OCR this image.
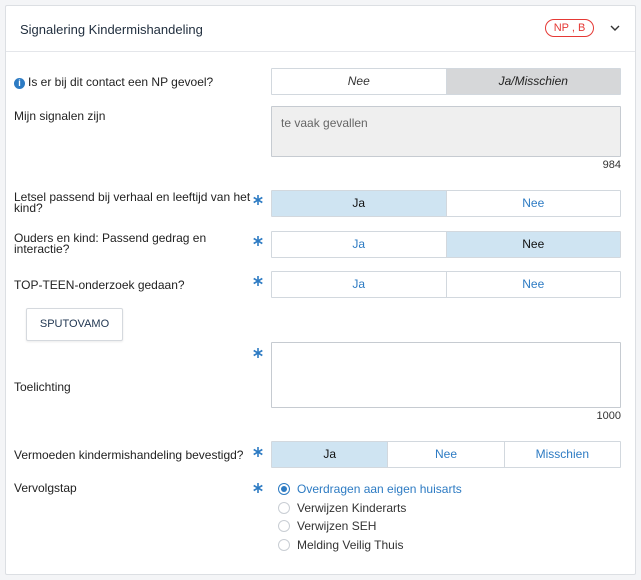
Signalering Kindermishandeling	NP , B
i Is er bij dit contact een NP gevoel?	Nee	Ja/Misschien
Mijn signalen zijn	te vaak gevallen
984
Letsel passend bij verhaal en leeftijd van het kind?	Ja	Nee
Ouders en kind: Passend gedrag en interactie?	Ja	Nee
TOP-TEEN-onderzoek gedaan?	Ja	Nee
SPUTOVAMO
Toelichting
1000
Vermoeden kindermishandeling bevestigd?	Ja	Nee	Misschien
Vervolgstap	Overdragen aan eigen huisarts
Verwijzen Kinderarts
Verwijzen SEH
Melding Veilig Thuis
